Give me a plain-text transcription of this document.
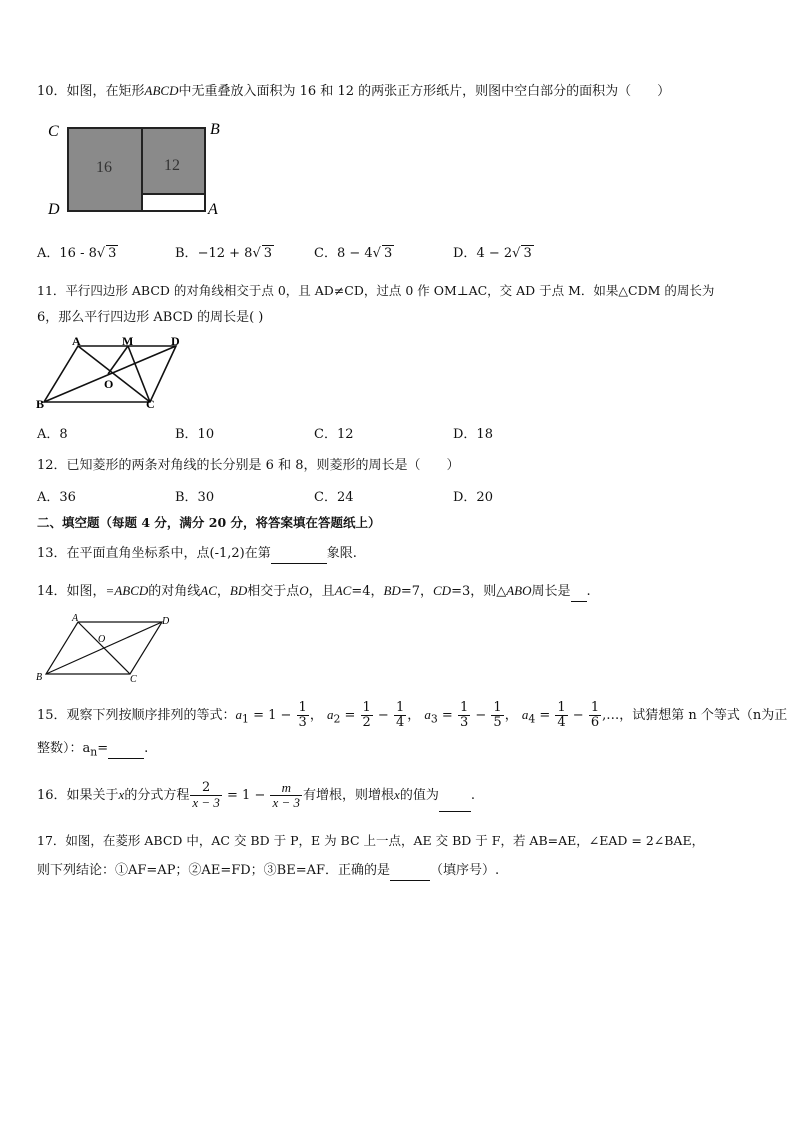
10．如图，在矩形ABCD中无重叠放入面积为 16 和 12 的两张正方形纸片，则图中空白部分的面积为（　　）
C	B
D	A
16	12
A．16 - 8√ 3	B．−12 + 8√ 3	C．8 − 4√ 3	D．4 − 2√ 3
11．平行四边形 ABCD 的对角线相交于点 0，且 AD≠CD，过点 0 作 OM⊥AC，交 AD 于点 M．如果△CDM 的周长为
6，那么平行四边形 ABCD 的周长是( )
A	M	D
O
B	C
A．8	B．10	C．12	D．18
12．已知菱形的两条对角线的长分别是 6 和 8，则菱形的周长是（　　）
A．36	B．30	C．24	D．20
二、填空题（每题 4 分，满分 20 分，将答案填在答题纸上）
13．在平面直角坐标系中，点(-1,2)在第	象限.
14．如图，=ABCD的对角线AC，BD相交于点O，且AC=4，BD=7，CD=3，则△ABO周长是 .
A	D
O
B	C
15．观察下列按顺序排列的等式：$a_1 = 1 - \frac{1}{3}$ ， $a_2 = \frac{1}{2} - \frac{1}{4}$ ， $a_3 = \frac{1}{3} - \frac{1}{5}$ ， $a_4 = \frac{1}{4} - \frac{1}{6}$ ,…，试猜想第 n 个等式（n为正
整数）：$a_n=$	.
16．如果关于x的分式方程 $\frac{2}{x - 3} = 1 - \frac{m}{x - 3}$ 有增根，则增根x的值为 .
17．如图，在菱形 ABCD 中，AC 交 BD 于 P，E 为 BC 上一点，AE 交 BD 于 F，若 AB=AE，∠EAD = 2∠BAE，
则下列结论：①AF=AP；②AE=FD；③BE=AF．正确的是	（填序号）.
